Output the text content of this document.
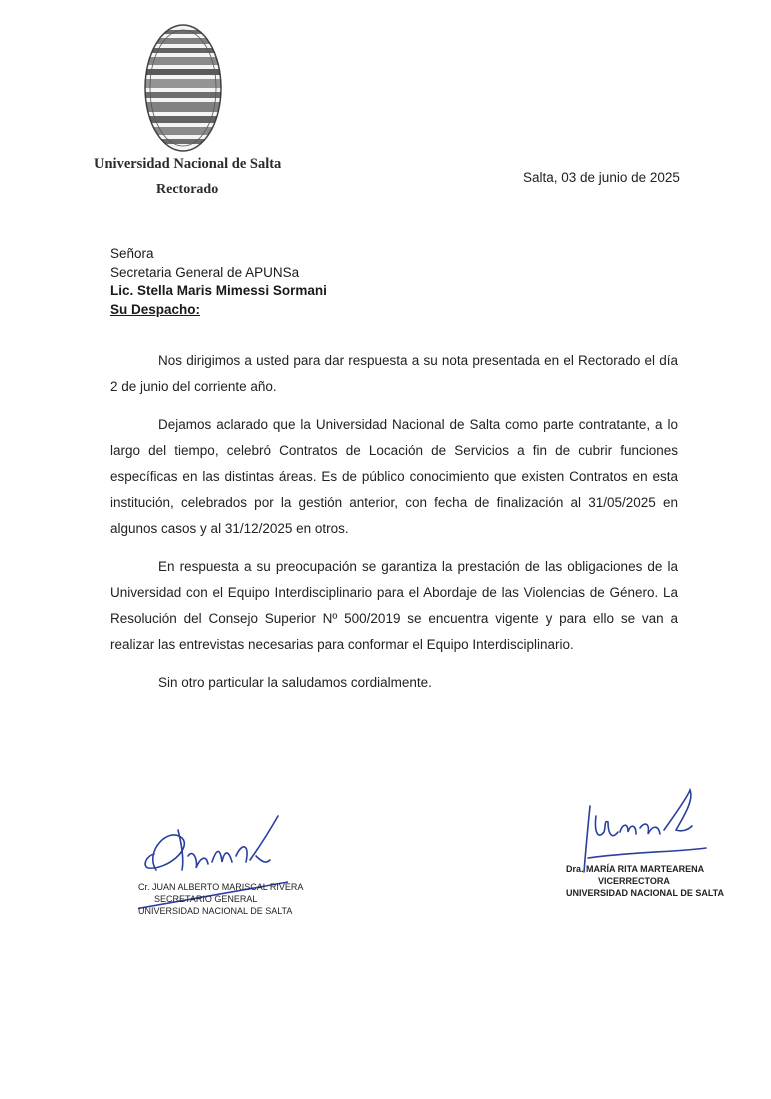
Universidad Nacional de Salta
Rectorado
Salta, 03 de junio de 2025
Señora
Secretaria General de APUNSa
Lic. Stella Maris Mimessi Sormani
Su Despacho:

Nos dirigimos a usted para dar respuesta a su nota presentada en el Rectorado el día 2 de junio del corriente año.

Dejamos aclarado que la Universidad Nacional de Salta como parte contratante, a lo largo del tiempo, celebró Contratos de Locación de Servicios a fin de cubrir funciones específicas en las distintas áreas. Es de público conocimiento que existen Contratos en esta institución, celebrados por la gestión anterior, con fecha de finalización al 31/05/2025 en algunos casos y al 31/12/2025 en otros.

En respuesta a su preocupación se garantiza la prestación de las obligaciones de la Universidad con el Equipo Interdisciplinario para el Abordaje de las Violencias de Género. La Resolución del Consejo Superior Nº 500/2019 se encuentra vigente y para ello se van a realizar las entrevistas necesarias para conformar el Equipo Interdisciplinario.

Sin otro particular la saludamos cordialmente.

Cr. JUAN ALBERTO MARISCAL RIVERA
SECRETARIO GENERAL
UNIVERSIDAD NACIONAL DE SALTA
Dra. MARÍA RITA MARTEARENA
VICERRECTORA
UNIVERSIDAD NACIONAL DE SALTA
